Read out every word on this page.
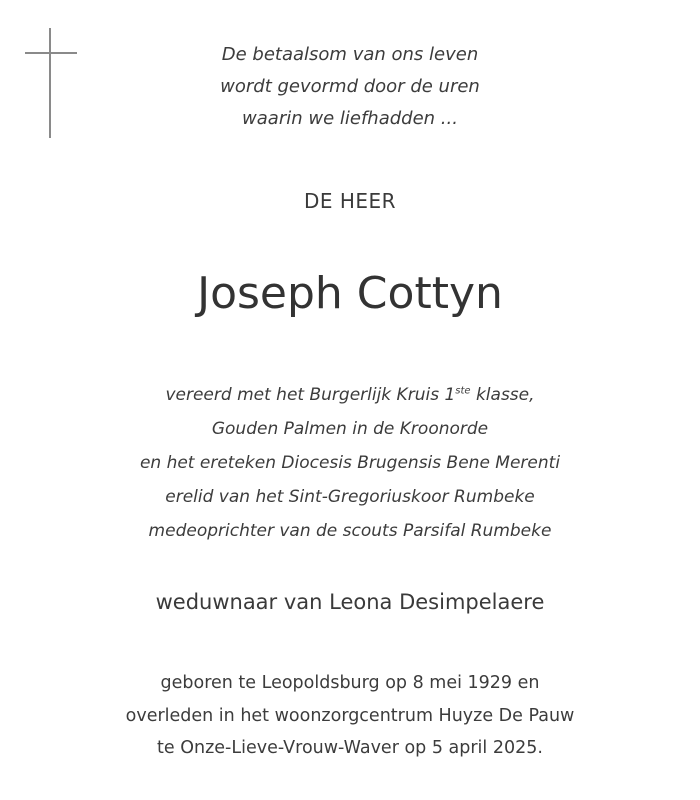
De betaalsom van ons leven
wordt gevormd door de uren
waarin we liefhadden ...
DE HEER
Joseph Cottyn
vereerd met het Burgerlijk Kruis 1ste klasse,
Gouden Palmen in de Kroonorde
en het ereteken Diocesis Brugensis Bene Merenti
erelid van het Sint-Gregoriuskoor Rumbeke
medeoprichter van de scouts Parsifal Rumbeke
weduwnaar van Leona Desimpelaere
geboren te Leopoldsburg op 8 mei 1929 en
overleden in het woonzorgcentrum Huyze De Pauw
te Onze-Lieve-Vrouw-Waver op 5 april 2025.
